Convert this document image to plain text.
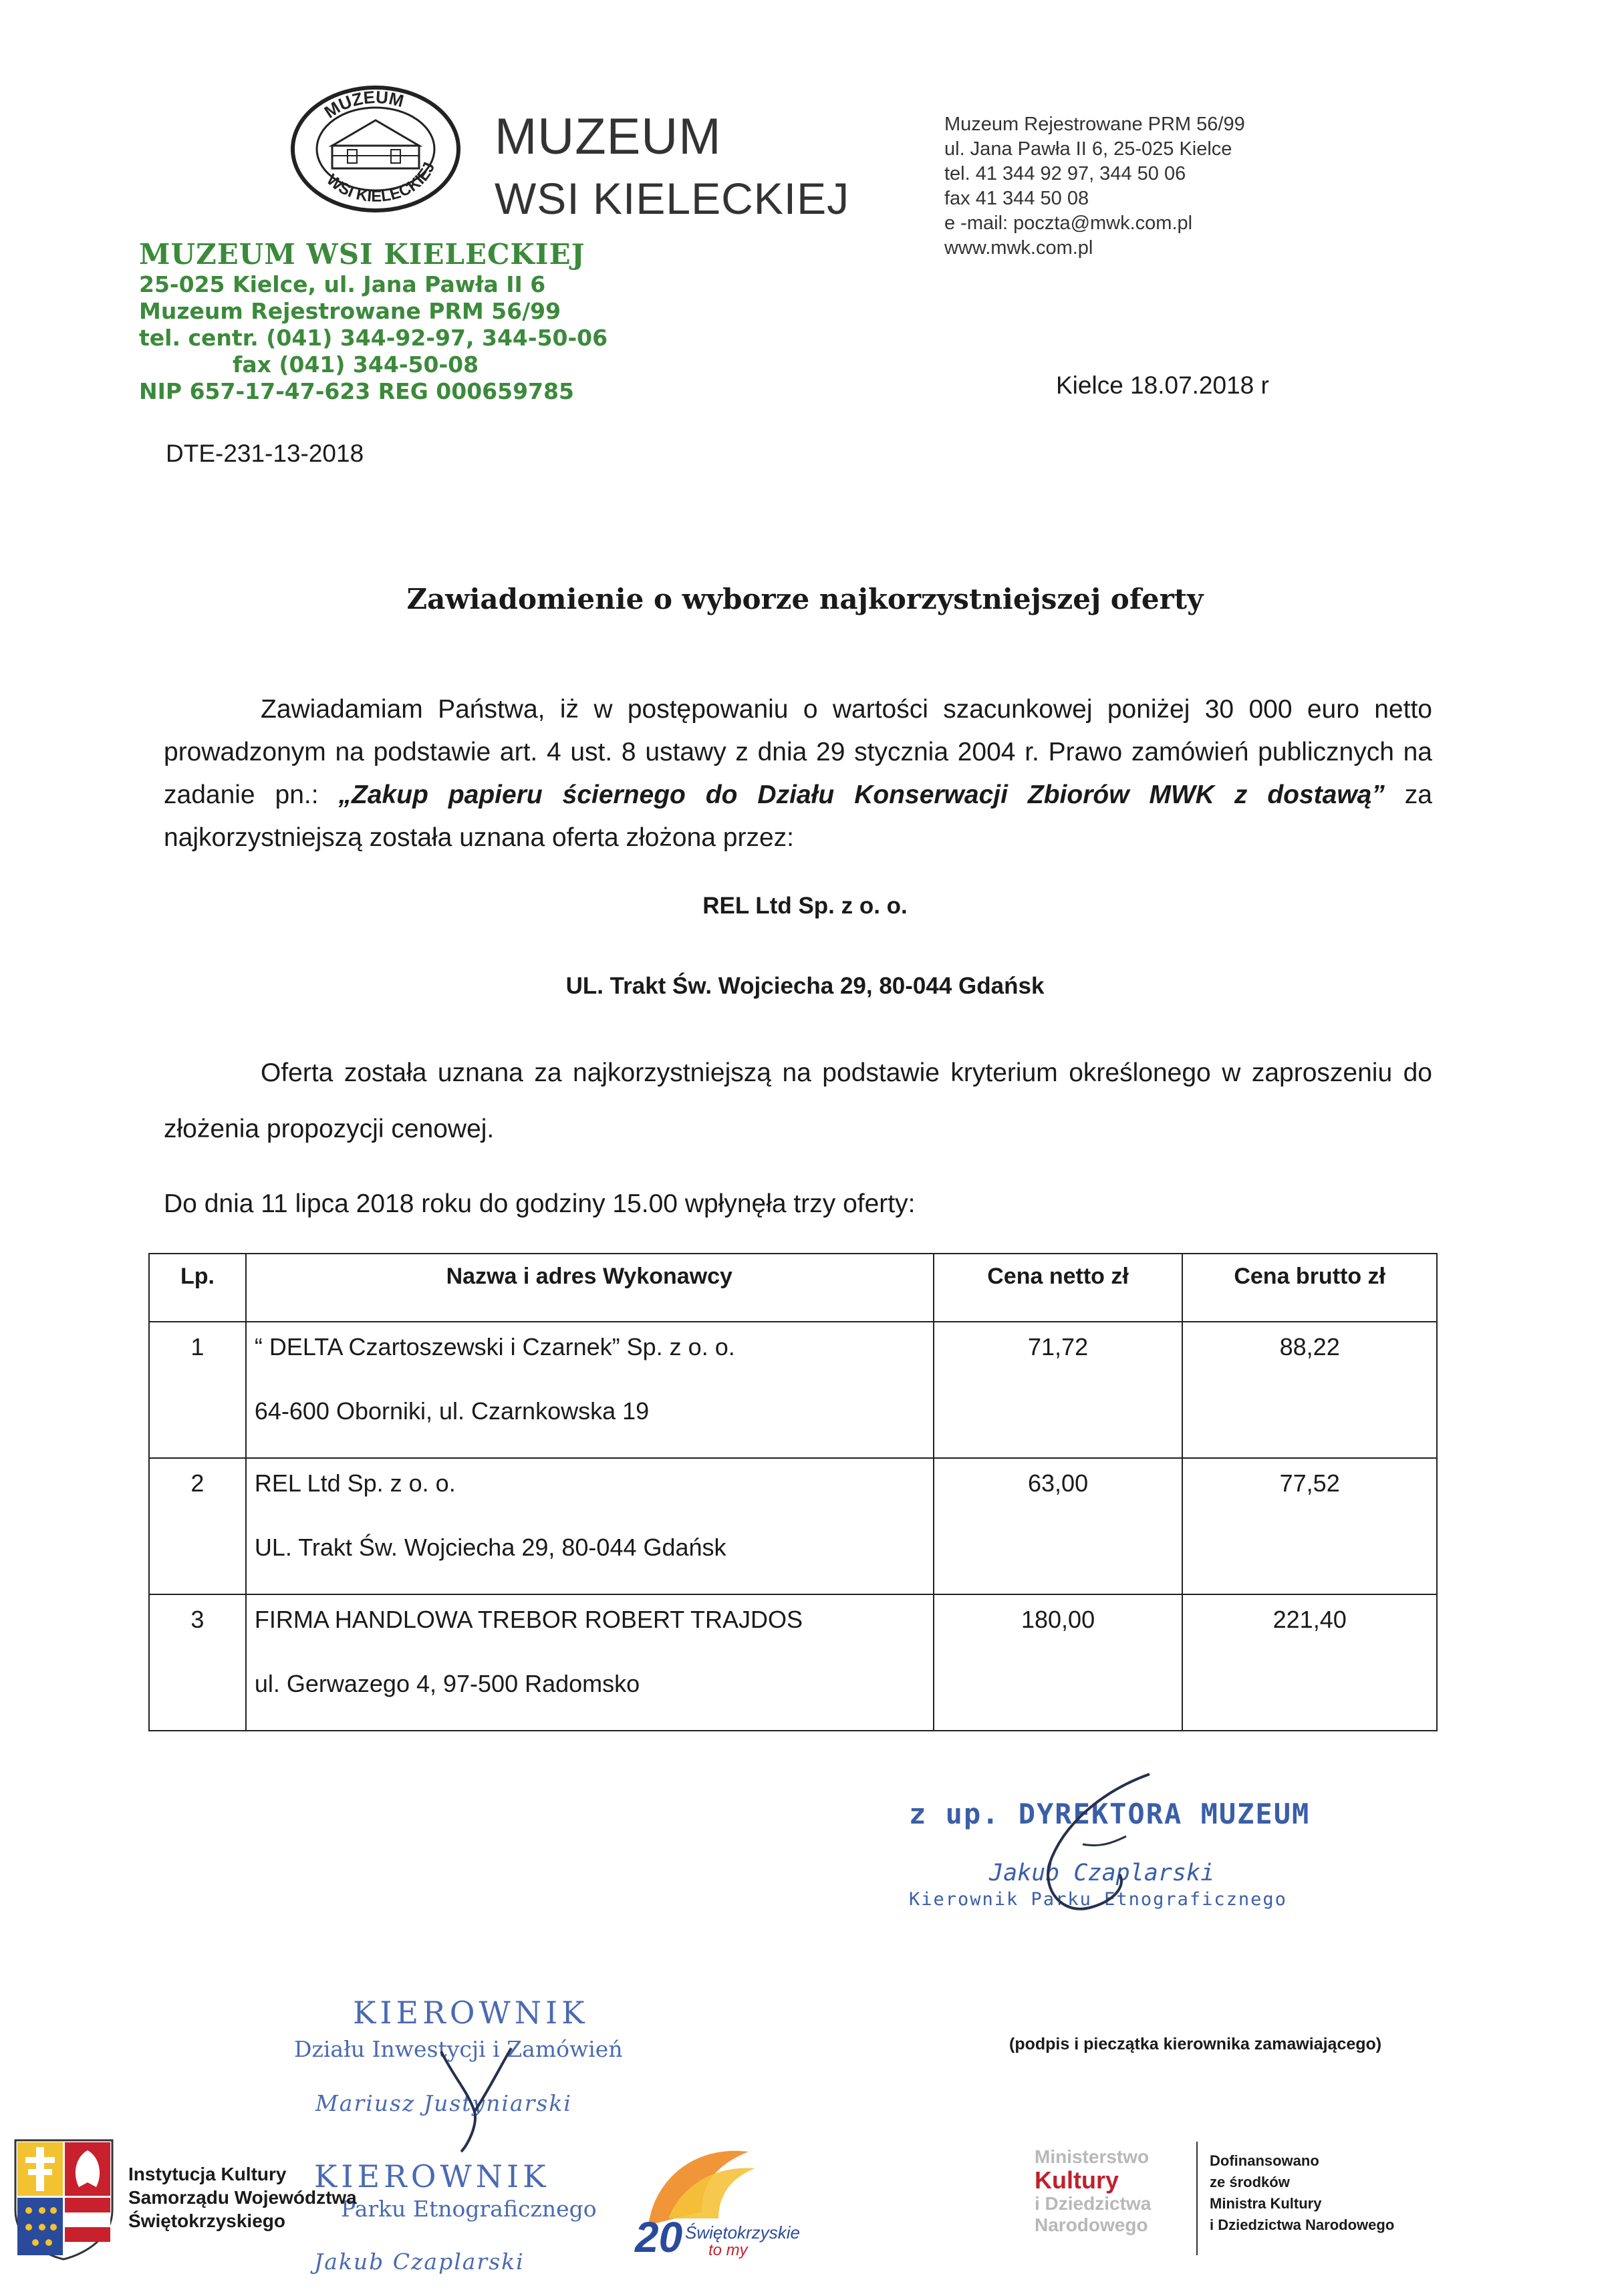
MUZEUM
WSI KIELECKIEJ
MUZEUM
WSI KIELECKIEJ
Muzeum Rejestrowane PRM 56/99
ul. Jana Pawła II 6, 25-025 Kielce
tel. 41 344 92 97, 344 50 06
fax 41 344 50 08
e -mail: poczta@mwk.com.pl
www.mwk.com.pl
MUZEUM WSI KIELECKIEJ
25-025 Kielce, ul. Jana Pawła II 6
Muzeum Rejestrowane PRM 56/99
tel. centr. (041) 344-92-97, 344-50-06
fax (041) 344-50-08
NIP 657-17-47-623 REG 000659785	Kielce 18.07.2018 r
DTE-231-13-2018
Zawiadomienie o wyborze najkorzystniejszej oferty
Zawiadamiam Państwa, iż w postępowaniu o wartości szacunkowej poniżej 30 000 euro netto prowadzonym na podstawie art. 4 ust. 8 ustawy z dnia 29 stycznia 2004 r. Prawo zamówień publicznych na zadanie pn.: „Zakup papieru ściernego do Działu Konserwacji Zbiorów MWK z dostawą” za najkorzystniejszą została uznana oferta złożona przez:
REL Ltd Sp. z o. o.
UL. Trakt Św. Wojciecha 29, 80-044 Gdańsk
Oferta została uznana za najkorzystniejszą na podstawie kryterium określonego w zaproszeniu do złożenia propozycji cenowej.
Do dnia 11 lipca 2018 roku do godziny 15.00 wpłynęła trzy oferty:
Lp.	Nazwa i adres Wykonawcy	Cena netto zł	Cena brutto zł
1	“ DELTA Czartoszewski i Czarnek” Sp. z o. o.
64-600 Oborniki, ul. Czarnkowska 19	71,72	88,22
2	REL Ltd Sp. z o. o.
UL. Trakt Św. Wojciecha 29, 80-044 Gdańsk	63,00	77,52
3	FIRMA HANDLOWA TREBOR ROBERT TRAJDOS
ul. Gerwazego 4, 97-500 Radomsko	180,00	221,40
z up. DYREKTORA MUZEUM
Jakub Czaplarski
Kierownik Parku Etnograficznego
(podpis i pieczątka kierownika zamawiającego)
KIEROWNIK
Działu Inwestycji i Zamówień
Mariusz Justyniarski
KIEROWNIK
Parku Etnograficznego
Jakub Czaplarski
Instytucja Kultury
Samorządu Województwa
Świętokrzyskiego	20 Świętokrzyskie
to my
Ministerstwo
Kultury
i Dziedzictwa
Narodowego
Dofinansowano
ze środków
Ministra Kultury
i Dziedzictwa Narodowego
